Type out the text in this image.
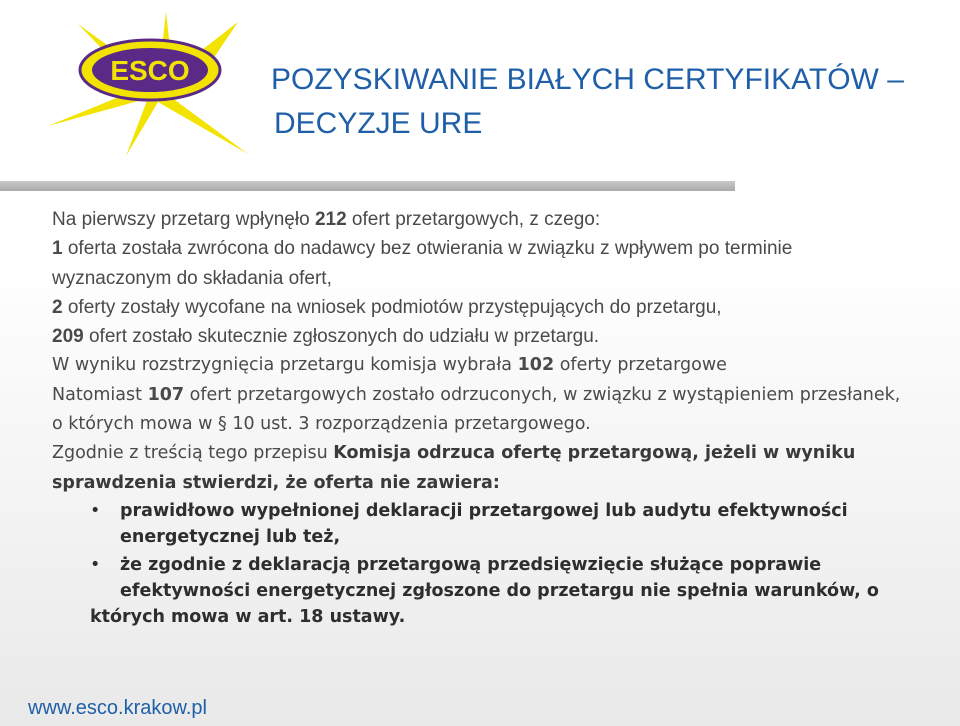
ESCO	POZYSKIWANIE BIAŁYCH CERTYFIKATÓW –
DECYZJE URE

Na pierwszy przetarg wpłynęło 212 ofert przetargowych, z czego:

1 oferta została zwrócona do nadawcy bez otwierania w związku z wpływem po terminie wyznaczonym do składania ofert,

2 oferty zostały wycofane na wniosek podmiotów przystępujących do przetargu,

209 ofert zostało skutecznie zgłoszonych do udziału w przetargu.

W wyniku rozstrzygnięcia przetargu komisja wybrała 102 oferty przetargowe

Natomiast 107 ofert przetargowych zostało odrzuconych, w związku z wystąpieniem przesłanek, o których mowa w § 10 ust. 3 rozporządzenia przetargowego.

Zgodnie z treścią tego przepisu Komisja odrzuca ofertę przetargową, jeżeli w wyniku sprawdzenia stwierdzi, że oferta nie zawiera:

• prawidłowo wypełnionej deklaracji przetargowej lub audytu efektywności energetycznej lub też,
• że zgodnie z deklaracją przetargową przedsięwzięcie służące poprawie efektywności energetycznej zgłoszone do przetargu nie spełnia warunków, o
których mowa w art. 18 ustawy.
www.esco.krakow.pl
